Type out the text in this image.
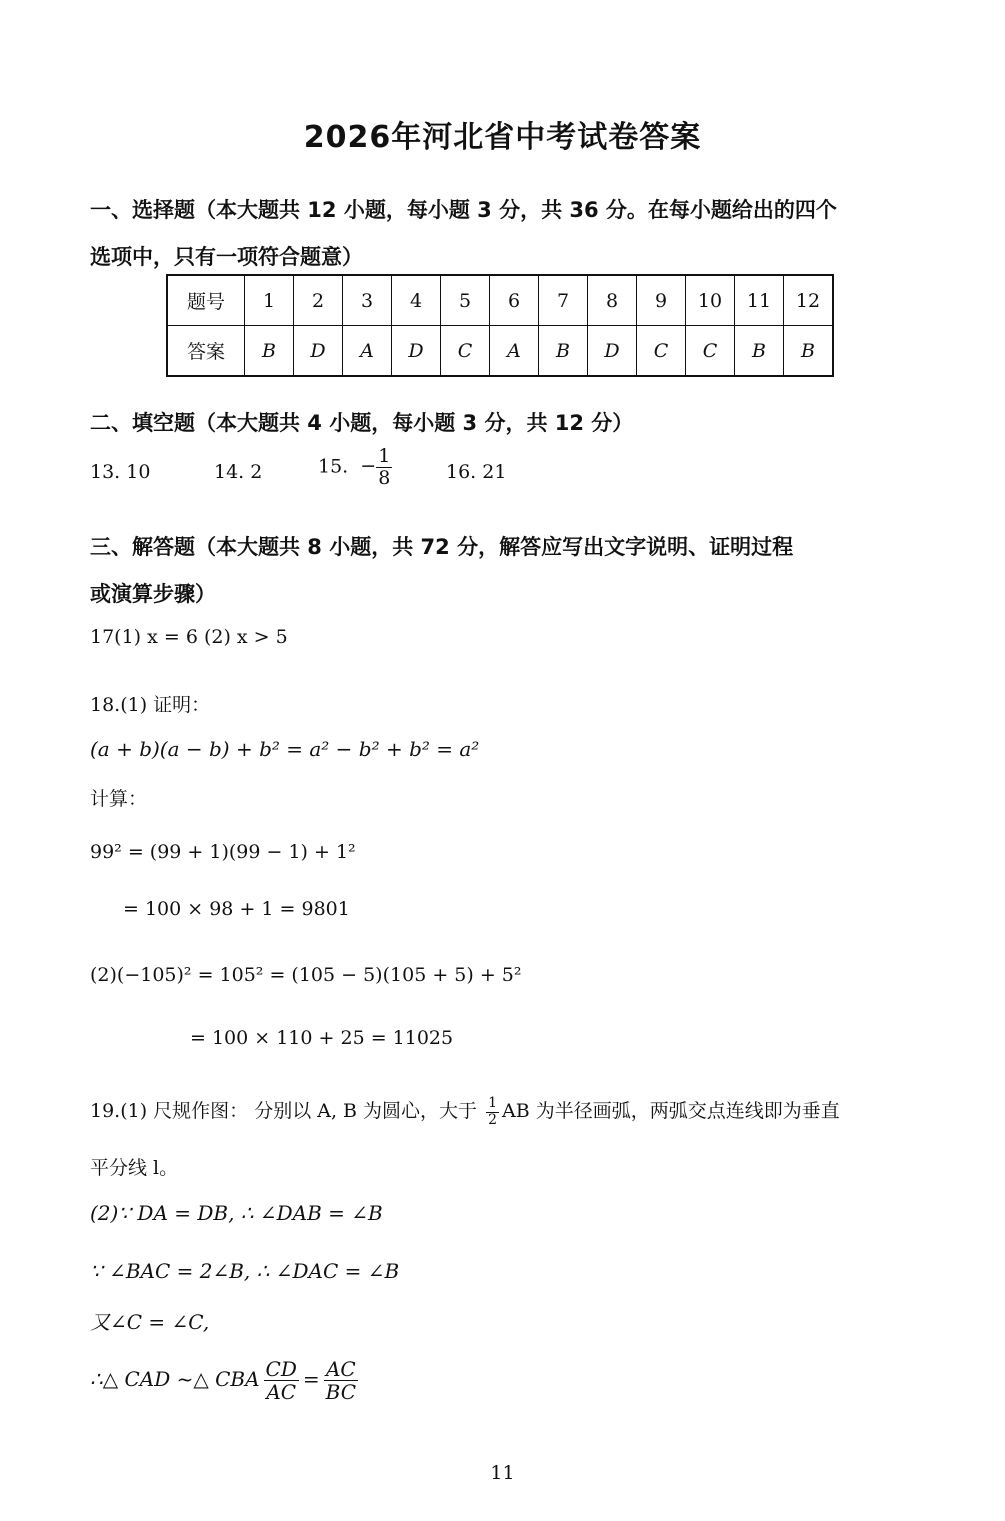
2026年河北省中考试卷答案
一、选择题（本大题共 12 小题，每小题 3 分，共 36 分。在每小题给出的四个
选项中，只有一项符合题意）
题号	1	2	3	4	5	6	7	8	9	10	11	12
答案	B	D	A	D	C	A	B	D	C	C	B	B
二、填空题（本大题共 4 小题，每小题 3 分，共 12 分）
13. 10	14. 2	15. − $\frac{1}{8}$	16. 21
三、解答题（本大题共 8 小题，共 72 分，解答应写出文字说明、证明过程
或演算步骤）
17(1) x = 6 (2) x > 5
18.(1) 证明：
(a + b)(a − b) + b² = a² − b² + b² = a²
计算：
99² = (99 + 1)(99 − 1) + 1²
= 100 × 98 + 1 = 9801
(2)(−105)² = 105² = (105 − 5)(105 + 5) + 5²
= 100 × 110 + 25 = 11025
19.(1) 尺规作图： 分别以 A, B 为圆心，大于 $\frac{1}{2}$ AB 为半径画弧，两弧交点连线即为垂直
平分线 l。
(2)∵ DA = DB, ∴ ∠DAB = ∠B
∵ ∠BAC = 2∠B, ∴ ∠DAC = ∠B
又∠C = ∠C,
∴△ CAD ~△ CBA $\frac{CD}{AC} = \frac{AC}{BC}$
11
